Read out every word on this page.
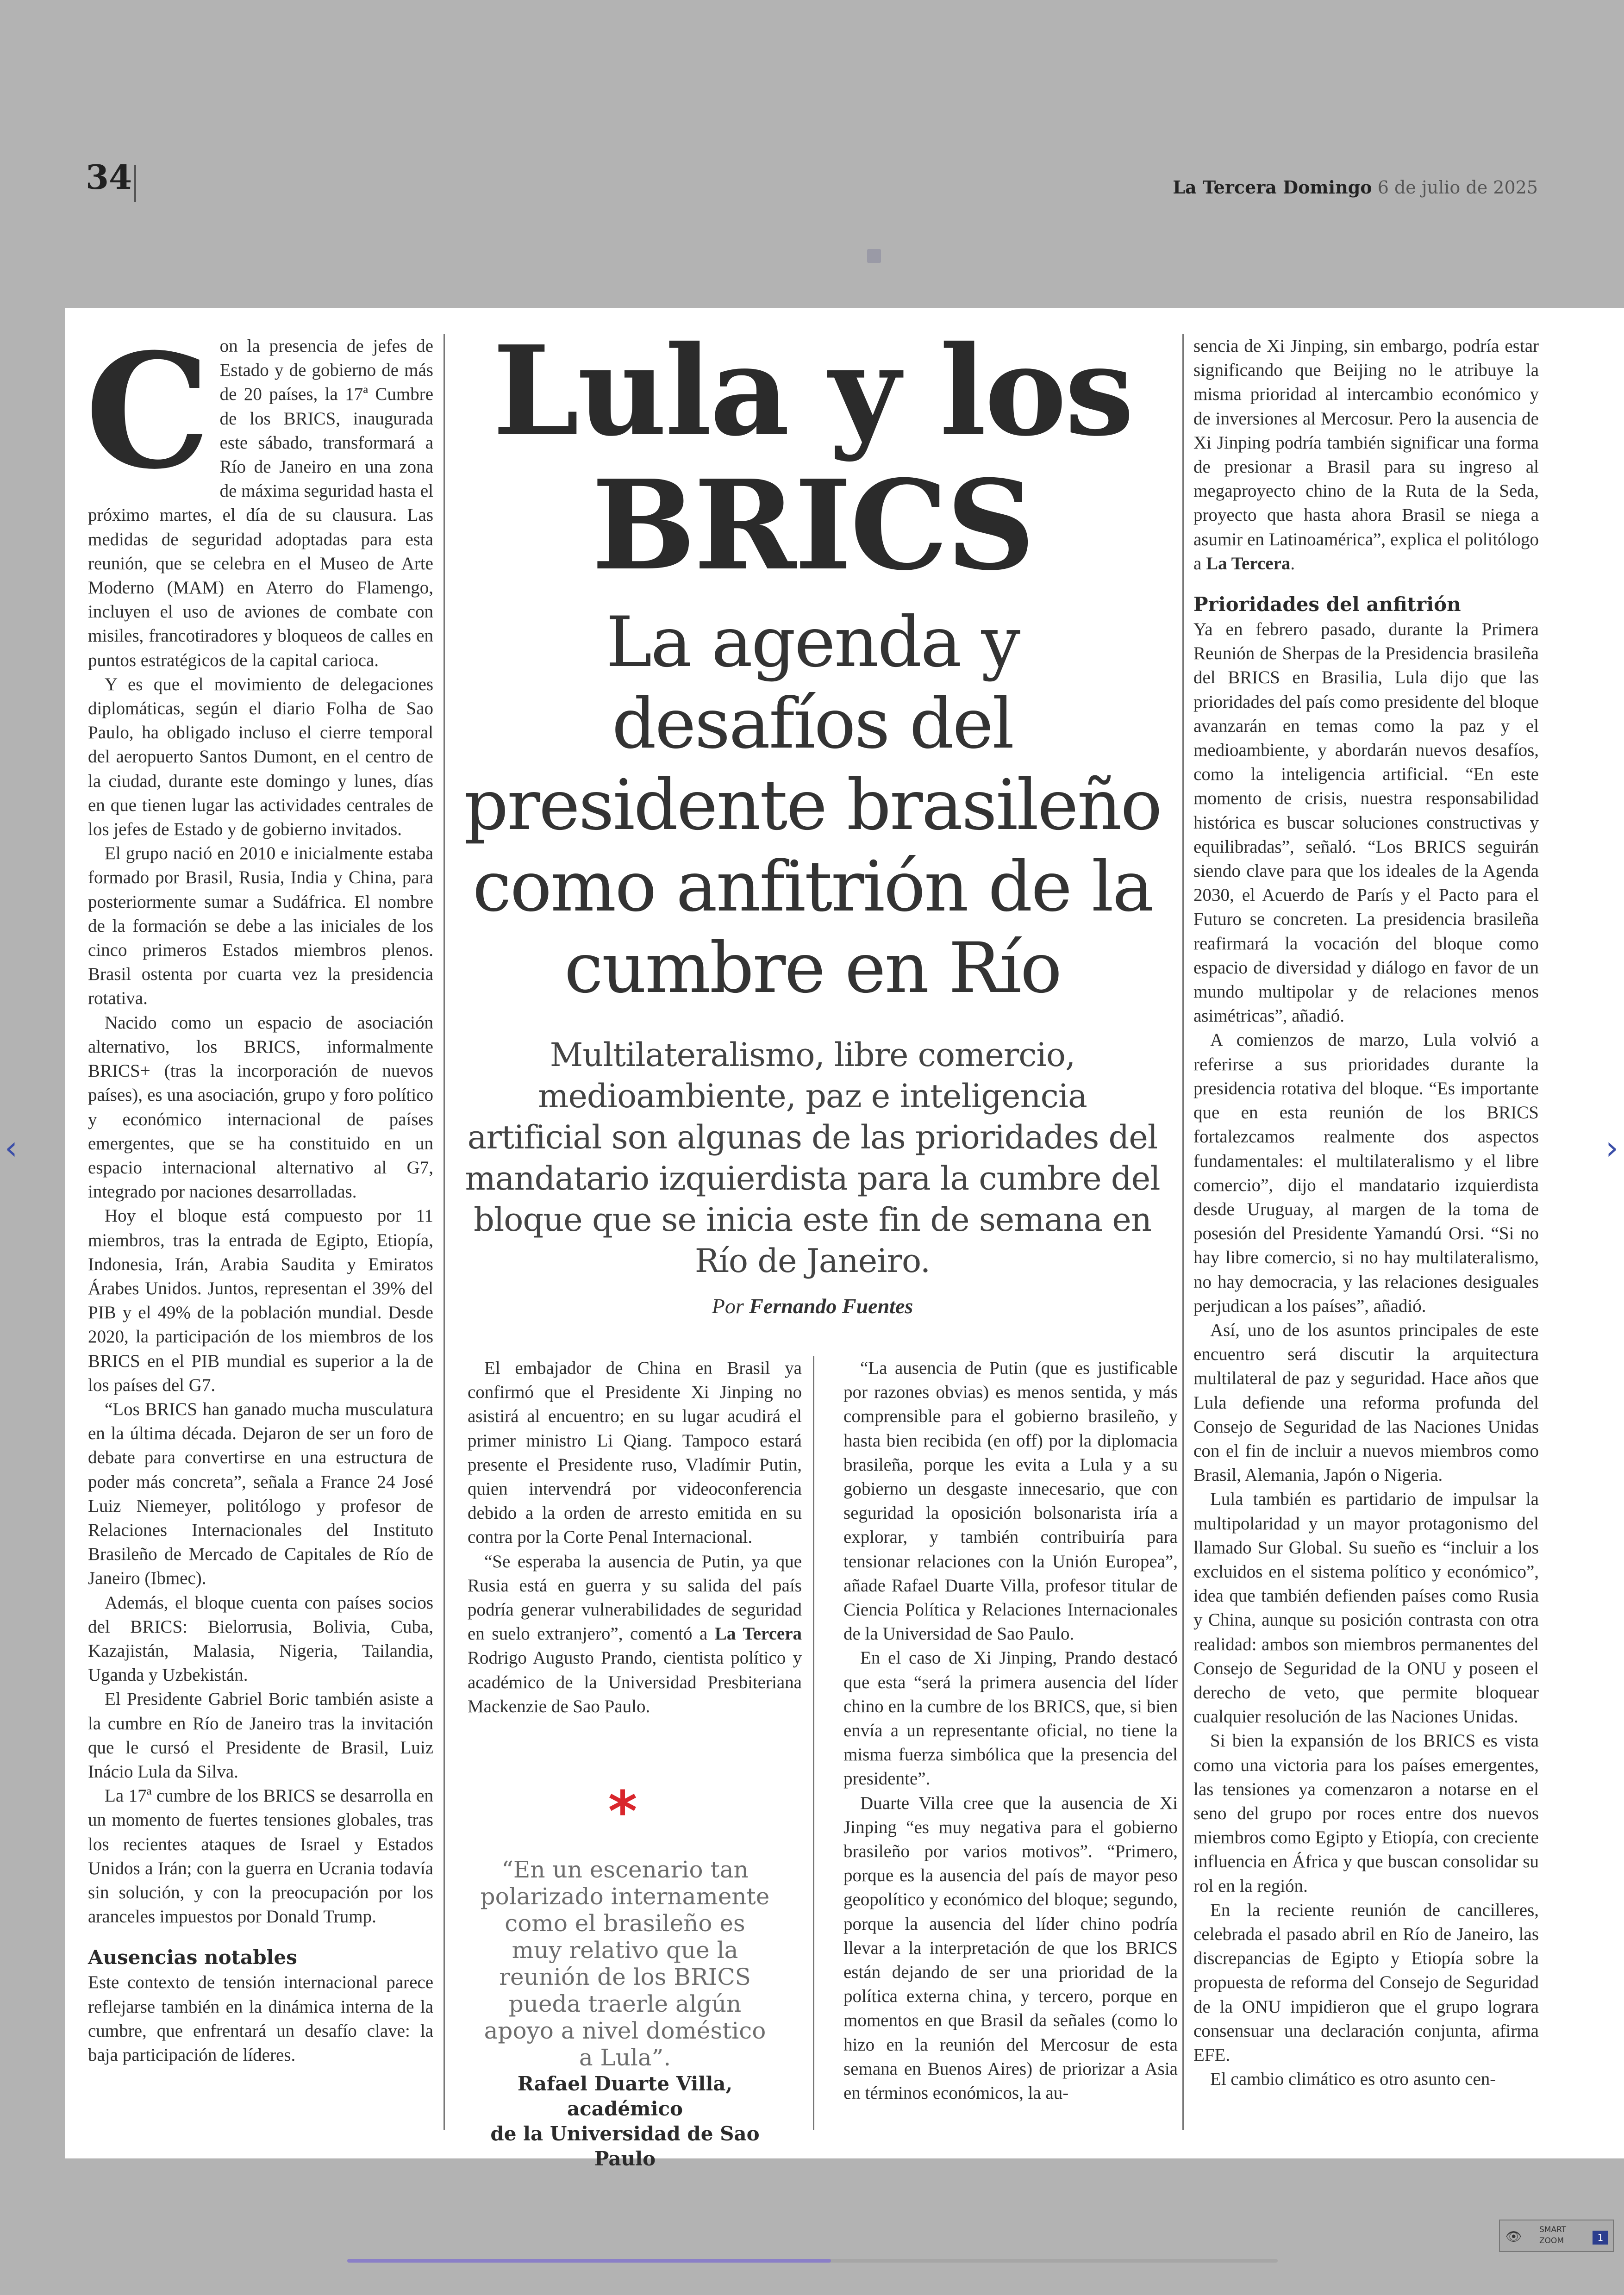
34	La Tercera Domingo 6 de julio de 2025

Con la presencia de jefes de Estado y de gobierno de más de 20 países, la 17ª Cumbre de los BRICS, inaugurada este sábado, transformará a Río de Janeiro en una zona de máxima seguridad hasta el próximo martes, el día de su clausura. Las medidas de seguridad adoptadas para esta reunión, que se celebra en el Museo de Arte Moderno (MAM) en Aterro do Flamengo, incluyen el uso de aviones de combate con misiles, francotiradores y bloqueos de calles en puntos estratégicos de la capital carioca.

Y es que el movimiento de delegaciones diplomáticas, según el diario Folha de Sao Paulo, ha obligado incluso el cierre temporal del aeropuerto Santos Dumont, en el centro de la ciudad, durante este domingo y lunes, días en que tienen lugar las actividades centrales de los jefes de Estado y de gobierno invitados.

El grupo nació en 2010 e inicialmente estaba formado por Brasil, Rusia, India y China, para posteriormente sumar a Sudáfrica. El nombre de la formación se debe a las iniciales de los cinco primeros Estados miembros plenos. Brasil ostenta por cuarta vez la presidencia rotativa.

Nacido como un espacio de asociación alternativo, los BRICS, informalmente BRICS+ (tras la incorporación de nuevos países), es una asociación, grupo y foro político y económico internacional de países emergentes, que se ha constituido en un espacio internacional alternativo al G7, integrado por naciones desarrolladas.

Hoy el bloque está compuesto por 11 miembros, tras la entrada de Egipto, Etiopía, Indonesia, Irán, Arabia Saudita y Emiratos Árabes Unidos. Juntos, representan el 39% del PIB y el 49% de la población mundial. Desde 2020, la participación de los miembros de los BRICS en el PIB mundial es superior a la de los países del G7.

“Los BRICS han ganado mucha musculatura en la última década. Dejaron de ser un foro de debate para convertirse en una estructura de poder más concreta”, señala a France 24 José Luiz Niemeyer, politólogo y profesor de Relaciones Internacionales del Instituto Brasileño de Mercado de Capitales de Río de Janeiro (Ibmec).

Además, el bloque cuenta con países socios del BRICS: Bielorrusia, Bolivia, Cuba, Kazajistán, Malasia, Nigeria, Tailandia, Uganda y Uzbekistán.

El Presidente Gabriel Boric también asiste a la cumbre en Río de Janeiro tras la invitación que le cursó el Presidente de Brasil, Luiz Inácio Lula da Silva.

La 17ª cumbre de los BRICS se desarrolla en un momento de fuertes tensiones globales, tras los recientes ataques de Israel y Estados Unidos a Irán; con la guerra en Ucrania todavía sin solución, y con la preocupación por los aranceles impuestos por Donald Trump.

Ausencias notables

Este contexto de tensión internacional parece reflejarse también en la dinámica interna de la cumbre, que enfrentará un desafío clave: la baja participación de líderes.

Lula y los
BRICS
La agenda y
desafíos del
presidente brasileño
como anfitrión de la
cumbre en Río
Multilateralismo, libre comercio,
medioambiente, paz e inteligencia
artificial son algunas de las prioridades del
mandatario izquierdista para la cumbre del
bloque que se inicia este fin de semana en
Río de Janeiro.
Por Fernando Fuentes

El embajador de China en Brasil ya confirmó que el Presidente Xi Jinping no asistirá al encuentro; en su lugar acudirá el primer ministro Li Qiang. Tampoco estará presente el Presidente ruso, Vladímir Putin, quien intervendrá por videoconferencia debido a la orden de arresto emitida en su contra por la Corte Penal Internacional.

“Se esperaba la ausencia de Putin, ya que Rusia está en guerra y su salida del país podría generar vulnerabilidades de seguridad en suelo extranjero”, comentó a La Tercera Rodrigo Augusto Prando, cientista político y académico de la Universidad Presbiteriana Mackenzie de Sao Paulo.

*
“En un escenario tan polarizado internamente como el brasileño es muy relativo que la reunión de los BRICS pueda traerle algún apoyo a nivel doméstico a Lula”.
Rafael Duarte Villa, académico
de la Universidad de Sao Paulo

“La ausencia de Putin (que es justificable por razones obvias) es menos sentida, y más comprensible para el gobierno brasileño, y hasta bien recibida (en off) por la diplomacia brasileña, porque les evita a Lula y a su gobierno un desgaste innecesario, que con seguridad la oposición bolsonarista iría a explorar, y también contribuiría para tensionar relaciones con la Unión Europea”, añade Rafael Duarte Villa, profesor titular de Ciencia Política y Relaciones Internacionales de la Universidad de Sao Paulo.

En el caso de Xi Jinping, Prando destacó que esta “será la primera ausencia del líder chino en la cumbre de los BRICS, que, si bien envía a un representante oficial, no tiene la misma fuerza simbólica que la presencia del presidente”.

Duarte Villa cree que la ausencia de Xi Jinping “es muy negativa para el gobierno brasileño por varios motivos”. “Primero, porque es la ausencia del país de mayor peso geopolítico y económico del bloque; segundo, porque la ausencia del líder chino podría llevar a la interpretación de que los BRICS están dejando de ser una prioridad de la política externa china, y tercero, porque en momentos en que Brasil da señales (como lo hizo en la reunión del Mercosur de esta semana en Buenos Aires) de priorizar a Asia en términos económicos, la au-

sencia de Xi Jinping, sin embargo, podría estar significando que Beijing no le atribuye la misma prioridad al intercambio económico y de inversiones al Mercosur. Pero la ausencia de Xi Jinping podría también significar una forma de presionar a Brasil para su ingreso al megaproyecto chino de la Ruta de la Seda, proyecto que hasta ahora Brasil se niega a asumir en Latinoamérica”, explica el politólogo a La Tercera.

Prioridades del anfitrión

Ya en febrero pasado, durante la Primera Reunión de Sherpas de la Presidencia brasileña del BRICS en Brasilia, Lula dijo que las prioridades del país como presidente del bloque avanzarán en temas como la paz y el medioambiente, y abordarán nuevos desafíos, como la inteligencia artificial. “En este momento de crisis, nuestra responsabilidad histórica es buscar soluciones constructivas y equilibradas”, señaló. “Los BRICS seguirán siendo clave para que los ideales de la Agenda 2030, el Acuerdo de París y el Pacto para el Futuro se concreten. La presidencia brasileña reafirmará la vocación del bloque como espacio de diversidad y diálogo en favor de un mundo multipolar y de relaciones menos asimétricas”, añadió.

A comienzos de marzo, Lula volvió a referirse a sus prioridades durante la presidencia rotativa del bloque. “Es importante que en esta reunión de los BRICS fortalezcamos realmente dos aspectos fundamentales: el multilateralismo y el libre comercio”, dijo el mandatario izquierdista desde Uruguay, al margen de la toma de posesión del Presidente Yamandú Orsi. “Si no hay libre comercio, si no hay multilateralismo, no hay democracia, y las relaciones desiguales perjudican a los países”, añadió.

Así, uno de los asuntos principales de este encuentro será discutir la arquitectura multilateral de paz y seguridad. Hace años que Lula defiende una reforma profunda del Consejo de Seguridad de las Naciones Unidas con el fin de incluir a nuevos miembros como Brasil, Alemania, Japón o Nigeria.

Lula también es partidario de impulsar la multipolaridad y un mayor protagonismo del llamado Sur Global. Su sueño es “incluir a los excluidos en el sistema político y económico”, idea que también defienden países como Rusia y China, aunque su posición contrasta con otra realidad: ambos son miembros permanentes del Consejo de Seguridad de la ONU y poseen el derecho de veto, que permite bloquear cualquier resolución de las Naciones Unidas.

Si bien la expansión de los BRICS es vista como una victoria para los países emergentes, las tensiones ya comenzaron a notarse en el seno del grupo por roces entre dos nuevos miembros como Egipto y Etiopía, con creciente influencia en África y que buscan consolidar su rol en la región.

En la reciente reunión de cancilleres, celebrada el pasado abril en Río de Janeiro, las discrepancias de Egipto y Etiopía sobre la propuesta de reforma del Consejo de Seguridad de la ONU impidieron que el grupo lograra consensuar una declaración conjunta, afirma EFE.

El cambio climático es otro asunto cen-

‹	›
👁 SMART
ZOOM	1
